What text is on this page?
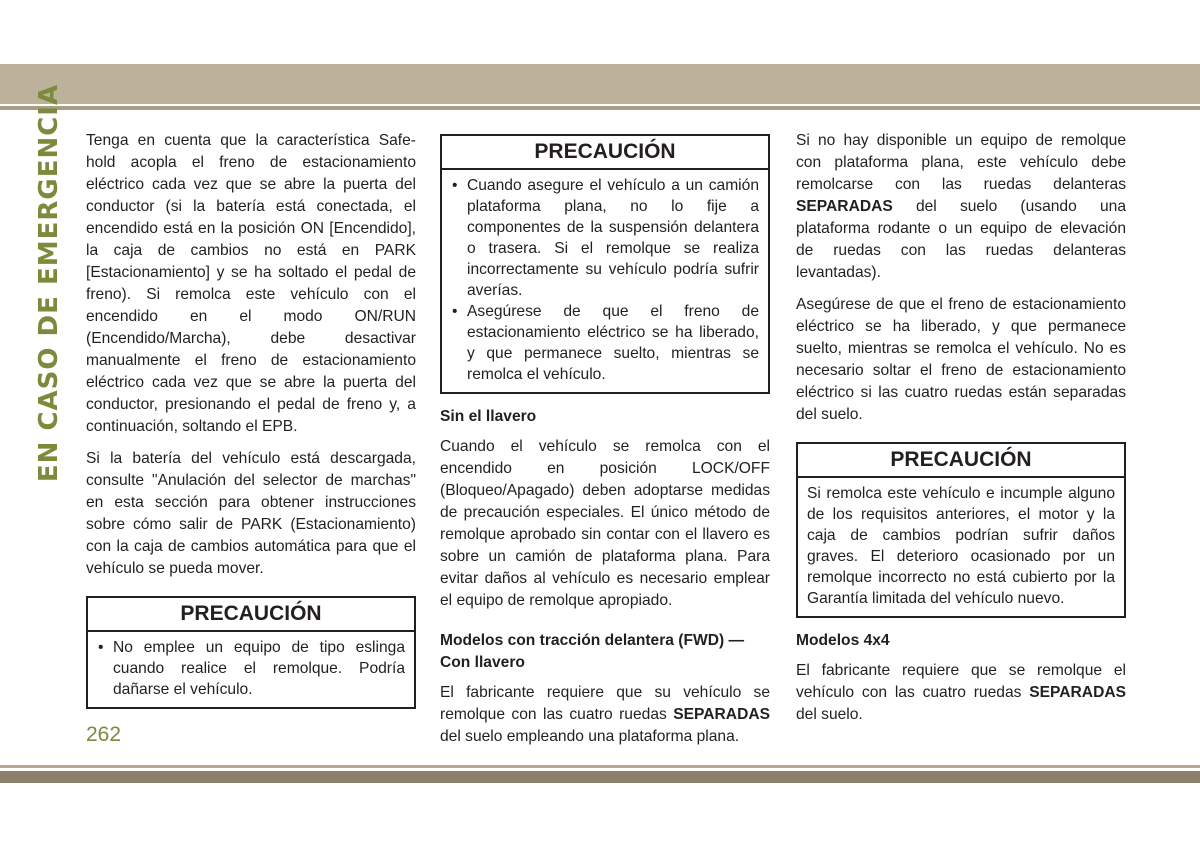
EN CASO DE EMERGENCIA Tenga en cuenta que la característica Safe-hold acopla el freno de estacionamiento eléctrico cada vez que se abre la puerta del conductor (si la batería está conectada, el encendido está en la posición ON [Encendido], la caja de cambios no está en PARK [Estacionamiento] y se ha soltado el pedal de freno). Si remolca este vehículo con el encendido en el modo ON/RUN (Encendido/Marcha), debe desactivar manualmente el freno de estacionamiento eléctrico cada vez que se abre la puerta del conductor, presionando el pedal de freno y, a continuación, soltando el EPB.

Si la batería del vehículo está descargada, consulte "Anulación del selector de marchas" en esta sección para obtener instrucciones sobre cómo salir de PARK (Estacionamiento) con la caja de cambios automática para que el vehículo se pueda mover.

PRECAUCIÓN
• No emplee un equipo de tipo eslinga cuando realice el remolque. Podría dañarse el vehículo.
PRECAUCIÓN
• Cuando asegure el vehículo a un camión plataforma plana, no lo fije a componentes de la suspensión delantera o trasera. Si el remolque se realiza incorrectamente su vehículo podría sufrir averías.
• Asegúrese de que el freno de estacionamiento eléctrico se ha liberado, y que permanece suelto, mientras se remolca el vehículo.
Sin el llavero

Cuando el vehículo se remolca con el encendido en posición LOCK/OFF (Bloqueo/Apagado) deben adoptarse medidas de precaución especiales. El único método de remolque aprobado sin contar con el llavero es sobre un camión de plataforma plana. Para evitar daños al vehículo es necesario emplear el equipo de remolque apropiado.

Modelos con tracción delantera (FWD) — Con llavero

El fabricante requiere que su vehículo se remolque con las cuatro ruedas SEPARADAS del suelo empleando una plataforma plana.

Si no hay disponible un equipo de remolque con plataforma plana, este vehículo debe remolcarse con las ruedas delanteras SEPARADAS del suelo (usando una plataforma rodante o un equipo de elevación de ruedas con las ruedas delanteras levantadas).

Asegúrese de que el freno de estacionamiento eléctrico se ha liberado, y que permanece suelto, mientras se remolca el vehículo. No es necesario soltar el freno de estacionamiento eléctrico si las cuatro ruedas están separadas del suelo.

PRECAUCIÓN

Si remolca este vehículo e incumple alguno de los requisitos anteriores, el motor y la caja de cambios podrían sufrir daños graves. El deterioro ocasionado por un remolque incorrecto no está cubierto por la Garantía limitada del vehículo nuevo.

Modelos 4x4

El fabricante requiere que se remolque el vehículo con las cuatro ruedas SEPARADAS del suelo.

262
